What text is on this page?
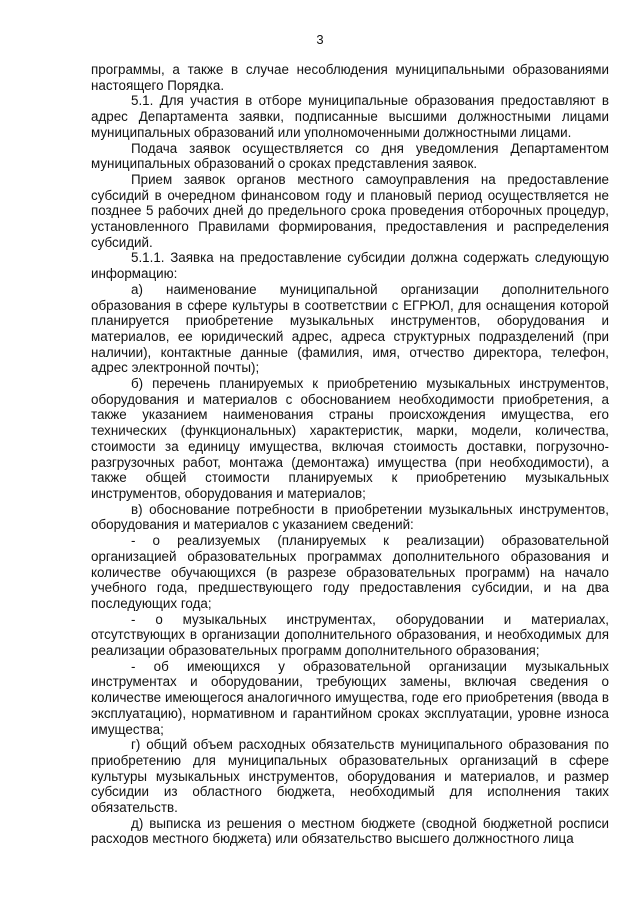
3

программы, а также в случае несоблюдения муниципальными образованиями настоящего Порядка.

5.1. Для участия в отборе муниципальные образования предоставляют в адрес Департамента заявки, подписанные высшими должностными лицами муниципальных образований или уполномоченными должностными лицами.

Подача заявок осуществляется со дня уведомления Департаментом муниципальных образований о сроках представления заявок.

Прием заявок органов местного самоуправления на предоставление субсидий в очередном финансовом году и плановый период осуществляется не позднее 5 рабочих дней до предельного срока проведения отборочных процедур, установленного Правилами формирования, предоставления и распределения субсидий.

5.1.1. Заявка на предоставление субсидии должна содержать следующую информацию:

а) наименование муниципальной организации дополнительного образования в сфере культуры в соответствии с ЕГРЮЛ, для оснащения которой планируется приобретение музыкальных инструментов, оборудования и материалов, ее юридический адрес, адреса структурных подразделений (при наличии), контактные данные (фамилия, имя, отчество директора, телефон, адрес электронной почты);

б) перечень планируемых к приобретению музыкальных инструментов, оборудования и материалов с обоснованием необходимости приобретения, а также указанием наименования страны происхождения имущества, его технических (функциональных) характеристик, марки, модели, количества, стоимости за единицу имущества, включая стоимость доставки, погрузочно-разгрузочных работ, монтажа (демонтажа) имущества (при необходимости), а также общей стоимости планируемых к приобретению музыкальных инструментов, оборудования и материалов;

в) обоснование потребности в приобретении музыкальных инструментов, оборудования и материалов с указанием сведений:

- о реализуемых (планируемых к реализации) образовательной организацией образовательных программах дополнительного образования и количестве обучающихся (в разрезе образовательных программ) на начало учебного года, предшествующего году предоставления субсидии, и на два последующих года;

- о музыкальных инструментах, оборудовании и материалах, отсутствующих в организации дополнительного образования, и необходимых для реализации образовательных программ дополнительного образования;

- об имеющихся у образовательной организации музыкальных инструментах и оборудовании, требующих замены, включая сведения о количестве имеющегося аналогичного имущества, годе его приобретения (ввода в эксплуатацию), нормативном и гарантийном сроках эксплуатации, уровне износа имущества;

г) общий объем расходных обязательств муниципального образования по приобретению для муниципальных образовательных организаций в сфере культуры музыкальных инструментов, оборудования и материалов, и размер субсидии из областного бюджета, необходимый для исполнения таких обязательств.

д) выписка из решения о местном бюджете (сводной бюджетной росписи расходов местного бюджета) или обязательство высшего должностного лица
